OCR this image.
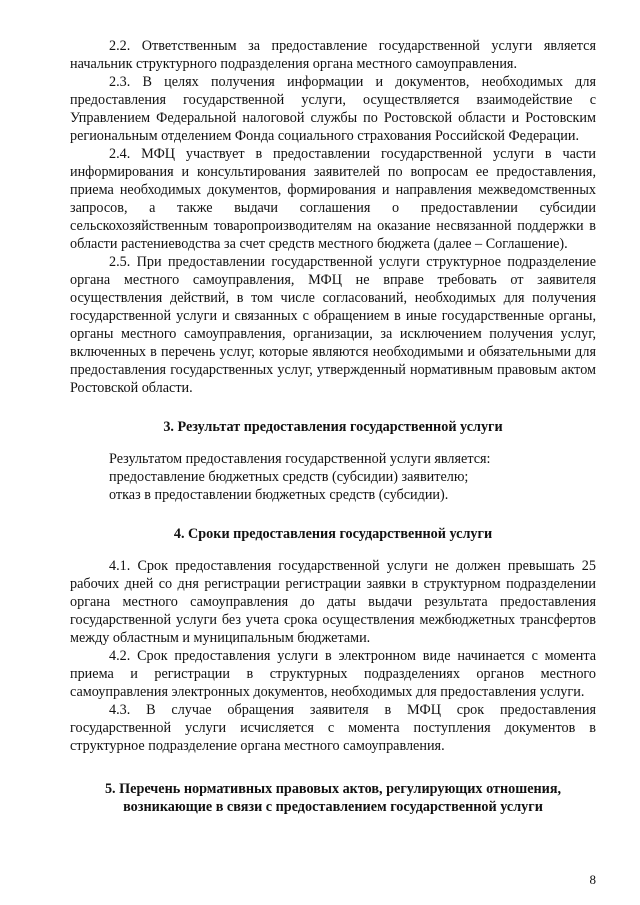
2.2. Ответственным за предоставление государственной услуги является начальник структурного подразделения органа местного самоуправления.

2.3. В целях получения информации и документов, необходимых для предоставления государственной услуги, осуществляется взаимодействие с Управлением Федеральной налоговой службы по Ростовской области и Ростовским региональным отделением Фонда социального страхования Российской Федерации.

2.4. МФЦ участвует в предоставлении государственной услуги в части информирования и консультирования заявителей по вопросам ее предоставления, приема необходимых документов, формирования и направления межведомственных запросов, а также выдачи соглашения о предоставлении субсидии сельскохозяйственным товаропроизводителям на оказание несвязанной поддержки в области растениеводства за счет средств местного бюджета (далее – Соглашение).

2.5. При предоставлении государственной услуги структурное подразделение органа местного самоуправления, МФЦ не вправе требовать от заявителя осуществления действий, в том числе согласований, необходимых для получения государственной услуги и связанных с обращением в иные государственные органы, органы местного самоуправления, организации, за исключением получения услуг, включенных в перечень услуг, которые являются необходимыми и обязательными для предоставления государственных услуг, утвержденный нормативным правовым актом Ростовской области.

3. Результат предоставления государственной услуги

Результатом предоставления государственной услуги является:

предоставление бюджетных средств (субсидии) заявителю;

отказ в предоставлении бюджетных средств (субсидии).

4. Сроки предоставления государственной услуги

4.1. Срок предоставления государственной услуги не должен превышать 25 рабочих дней со дня регистрации регистрации заявки в структурном подразделении органа местного самоуправления до даты выдачи результата предоставления государственной услуги без учета срока осуществления межбюджетных трансфертов между областным и муниципальным бюджетами.

4.2. Срок предоставления услуги в электронном виде начинается с момента приема и регистрации в структурных подразделениях органов местного самоуправления электронных документов, необходимых для предоставления услуги.

4.3. В случае обращения заявителя в МФЦ срок предоставления государственной услуги исчисляется с момента поступления документов в структурное подразделение органа местного самоуправления.

5. Перечень нормативных правовых актов, регулирующих отношения,
возникающие в связи с предоставлением государственной услуги
8
